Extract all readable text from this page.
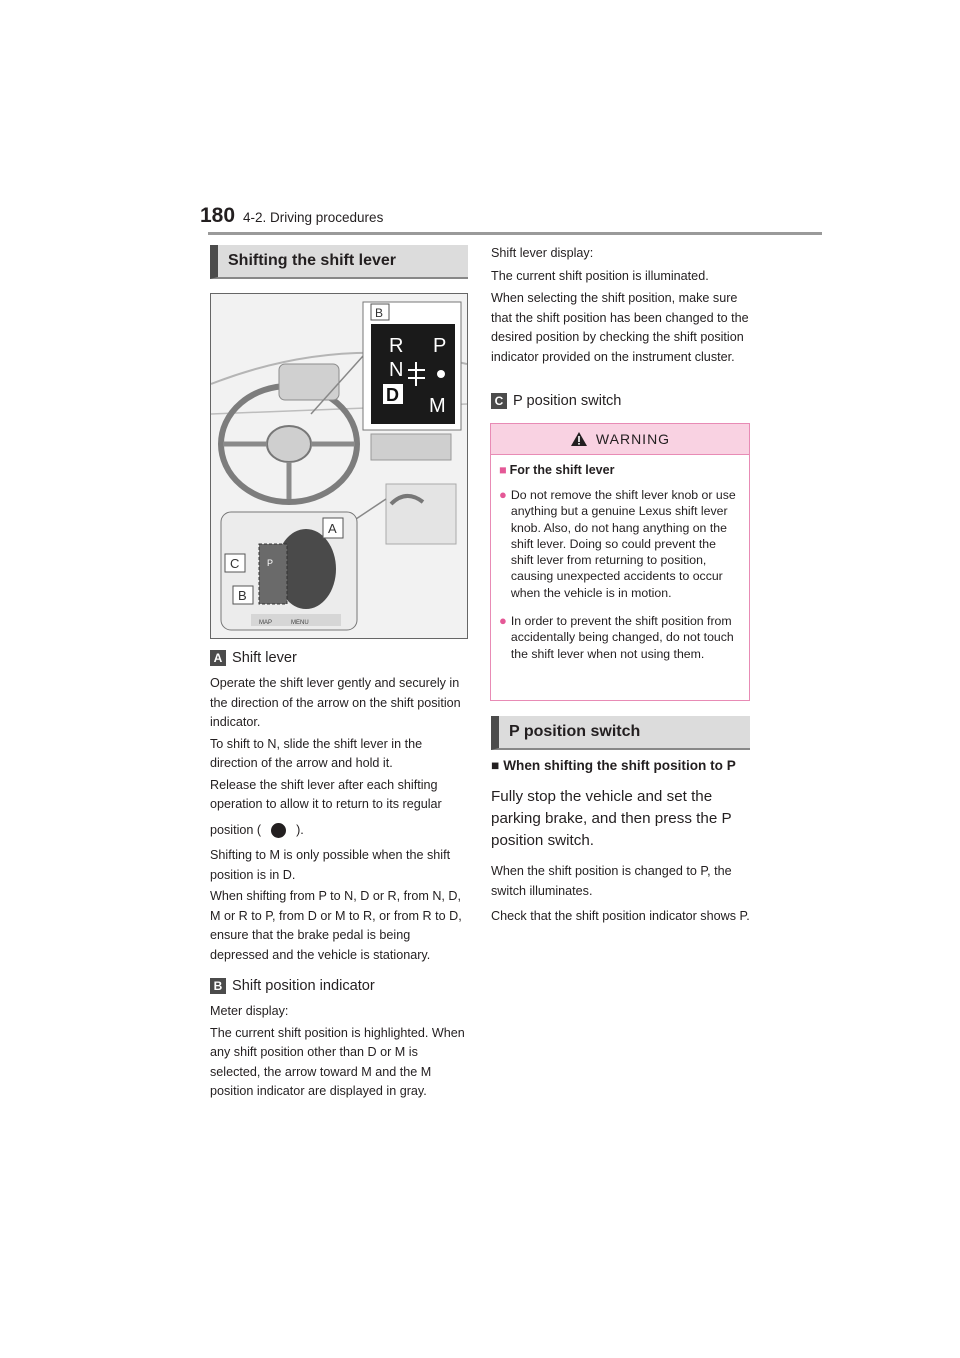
180 4-2. Driving procedures
Shifting the shift lever
R P
N
D M
B
P
MAP	MENU
A
C
B
A Shift lever

Operate the shift lever gently and securely in the direction of the arrow on the shift position indicator.

To shift to N, slide the shift lever in the direction of the arrow and hold it.

Release the shift lever after each shifting operation to allow it to return to its regular

position (	).

Shifting to M is only possible when the shift position is in D.

When shifting from P to N, D or R, from N, D, M or R to P, from D or M to R, or from R to D, ensure that the brake pedal is being depressed and the vehicle is stationary.

B Shift position indicator

Meter display:

The current shift position is highlighted. When any shift position other than D or M is selected, the arrow toward M and the M position indicator are displayed in gray.

Shift lever display:

The current shift position is illuminated.

When selecting the shift position, make sure that the shift position has been changed to the desired position by checking the shift position indicator provided on the instrument cluster.

C P position switch
WARNING
■ For the shift lever
● Do not remove the shift lever knob or use anything but a genuine Lexus shift lever knob. Also, do not hang anything on the shift lever. Doing so could prevent the shift lever from returning to position, causing unexpected accidents to occur when the vehicle is in motion.
● In order to prevent the shift position from accidentally being changed, do not touch the shift lever when not using them.
P position switch
■ When shifting the shift position to P

Fully stop the vehicle and set the parking brake, and then press the P position switch.

When the shift position is changed to P, the switch illuminates.

Check that the shift position indicator shows P.
